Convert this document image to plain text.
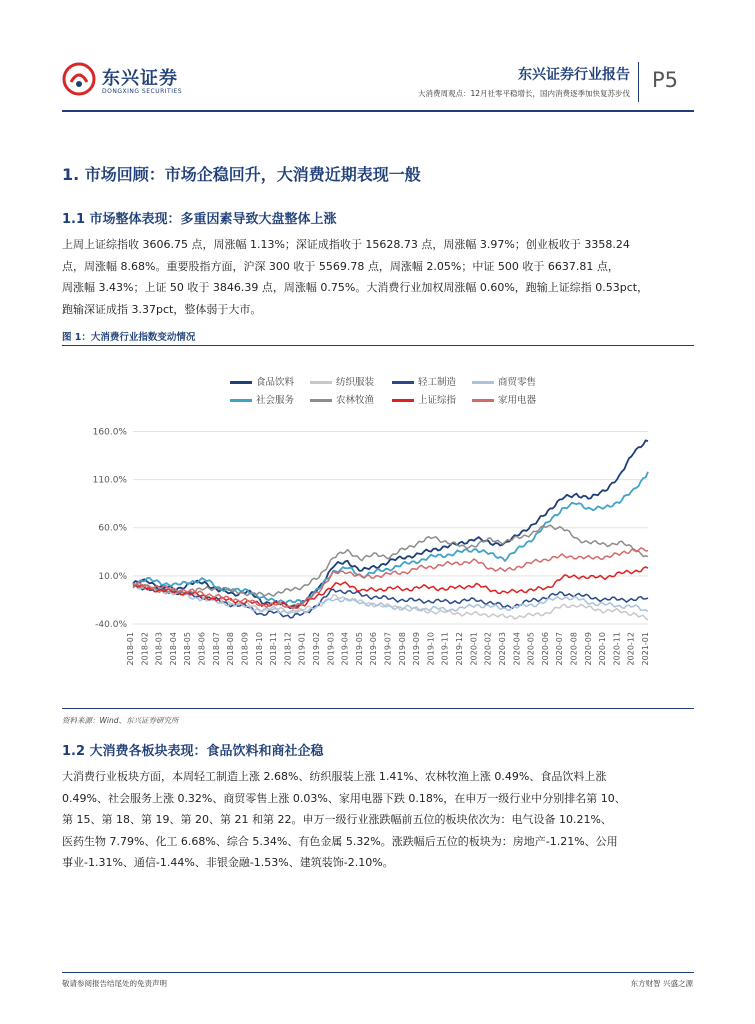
东兴证券
DONGXING SECURITIES
东兴证券行业报告
大消费周观点：12月社零平稳增长，国内消费逐季加快复苏步伐
P5
1. 市场回顾：市场企稳回升，大消费近期表现一般
1.1 市场整体表现：多重因素导致大盘整体上涨
上周上证综指收 3606.75 点，周涨幅 1.13%；深证成指收于 15628.73 点，周涨幅 3.97%；创业板收于 3358.24
点，周涨幅 8.68%。重要股指方面，沪深 300 收于 5569.78 点，周涨幅 2.05%；中证 500 收于 6637.81 点，
周涨幅 3.43%；上证 50 收于 3846.39 点，周涨幅 0.75%。大消费行业加权周涨幅 0.60%，跑输上证综指 0.53pct，
跑输深证成指 3.37pct，整体弱于大市。
图 1：大消费行业指数变动情况
食品饮料	纺织服装	轻工制造	商贸零售
社会服务	农林牧渔	上证综指	家用电器
160.0%
110.0%
60.0%
10.0%
-40.0%
2018-01 2018-02 2018-03 2018-04 2018-05 2018-06 2018-07 2018-08 2018-09 2018-10 2018-11 2018-12 2019-01 2019-02 2019-03 2019-04 2019-05 2019-06 2019-07 2019-08 2019-09 2019-10 2019-11 2019-12 2020-01 2020-02 2020-03 2020-04 2020-05 2020-06 2020-07 2020-08 2020-09 2020-10 2020-11 2020-12 2021-01
资料来源：Wind、东兴证券研究所
1.2 大消费各板块表现：食品饮料和商社企稳
大消费行业板块方面，本周轻工制造上涨 2.68%、纺织服装上涨 1.41%、农林牧渔上涨 0.49%、食品饮料上涨
0.49%、社会服务上涨 0.32%、商贸零售上涨 0.03%、家用电器下跌 0.18%，在申万一级行业中分别排名第 10、
第 15、第 18、第 19、第 20、第 21 和第 22。申万一级行业涨跌幅前五位的板块依次为：电气设备 10.21%、
医药生物 7.79%、化工 6.68%、综合 5.34%、有色金属 5.32%。涨跌幅后五位的板块为：房地产-1.21%、公用
事业-1.31%、通信-1.44%、非银金融-1.53%、建筑装饰-2.10%。
敬请参阅报告结尾处的免责声明	东方财智 兴盛之源
